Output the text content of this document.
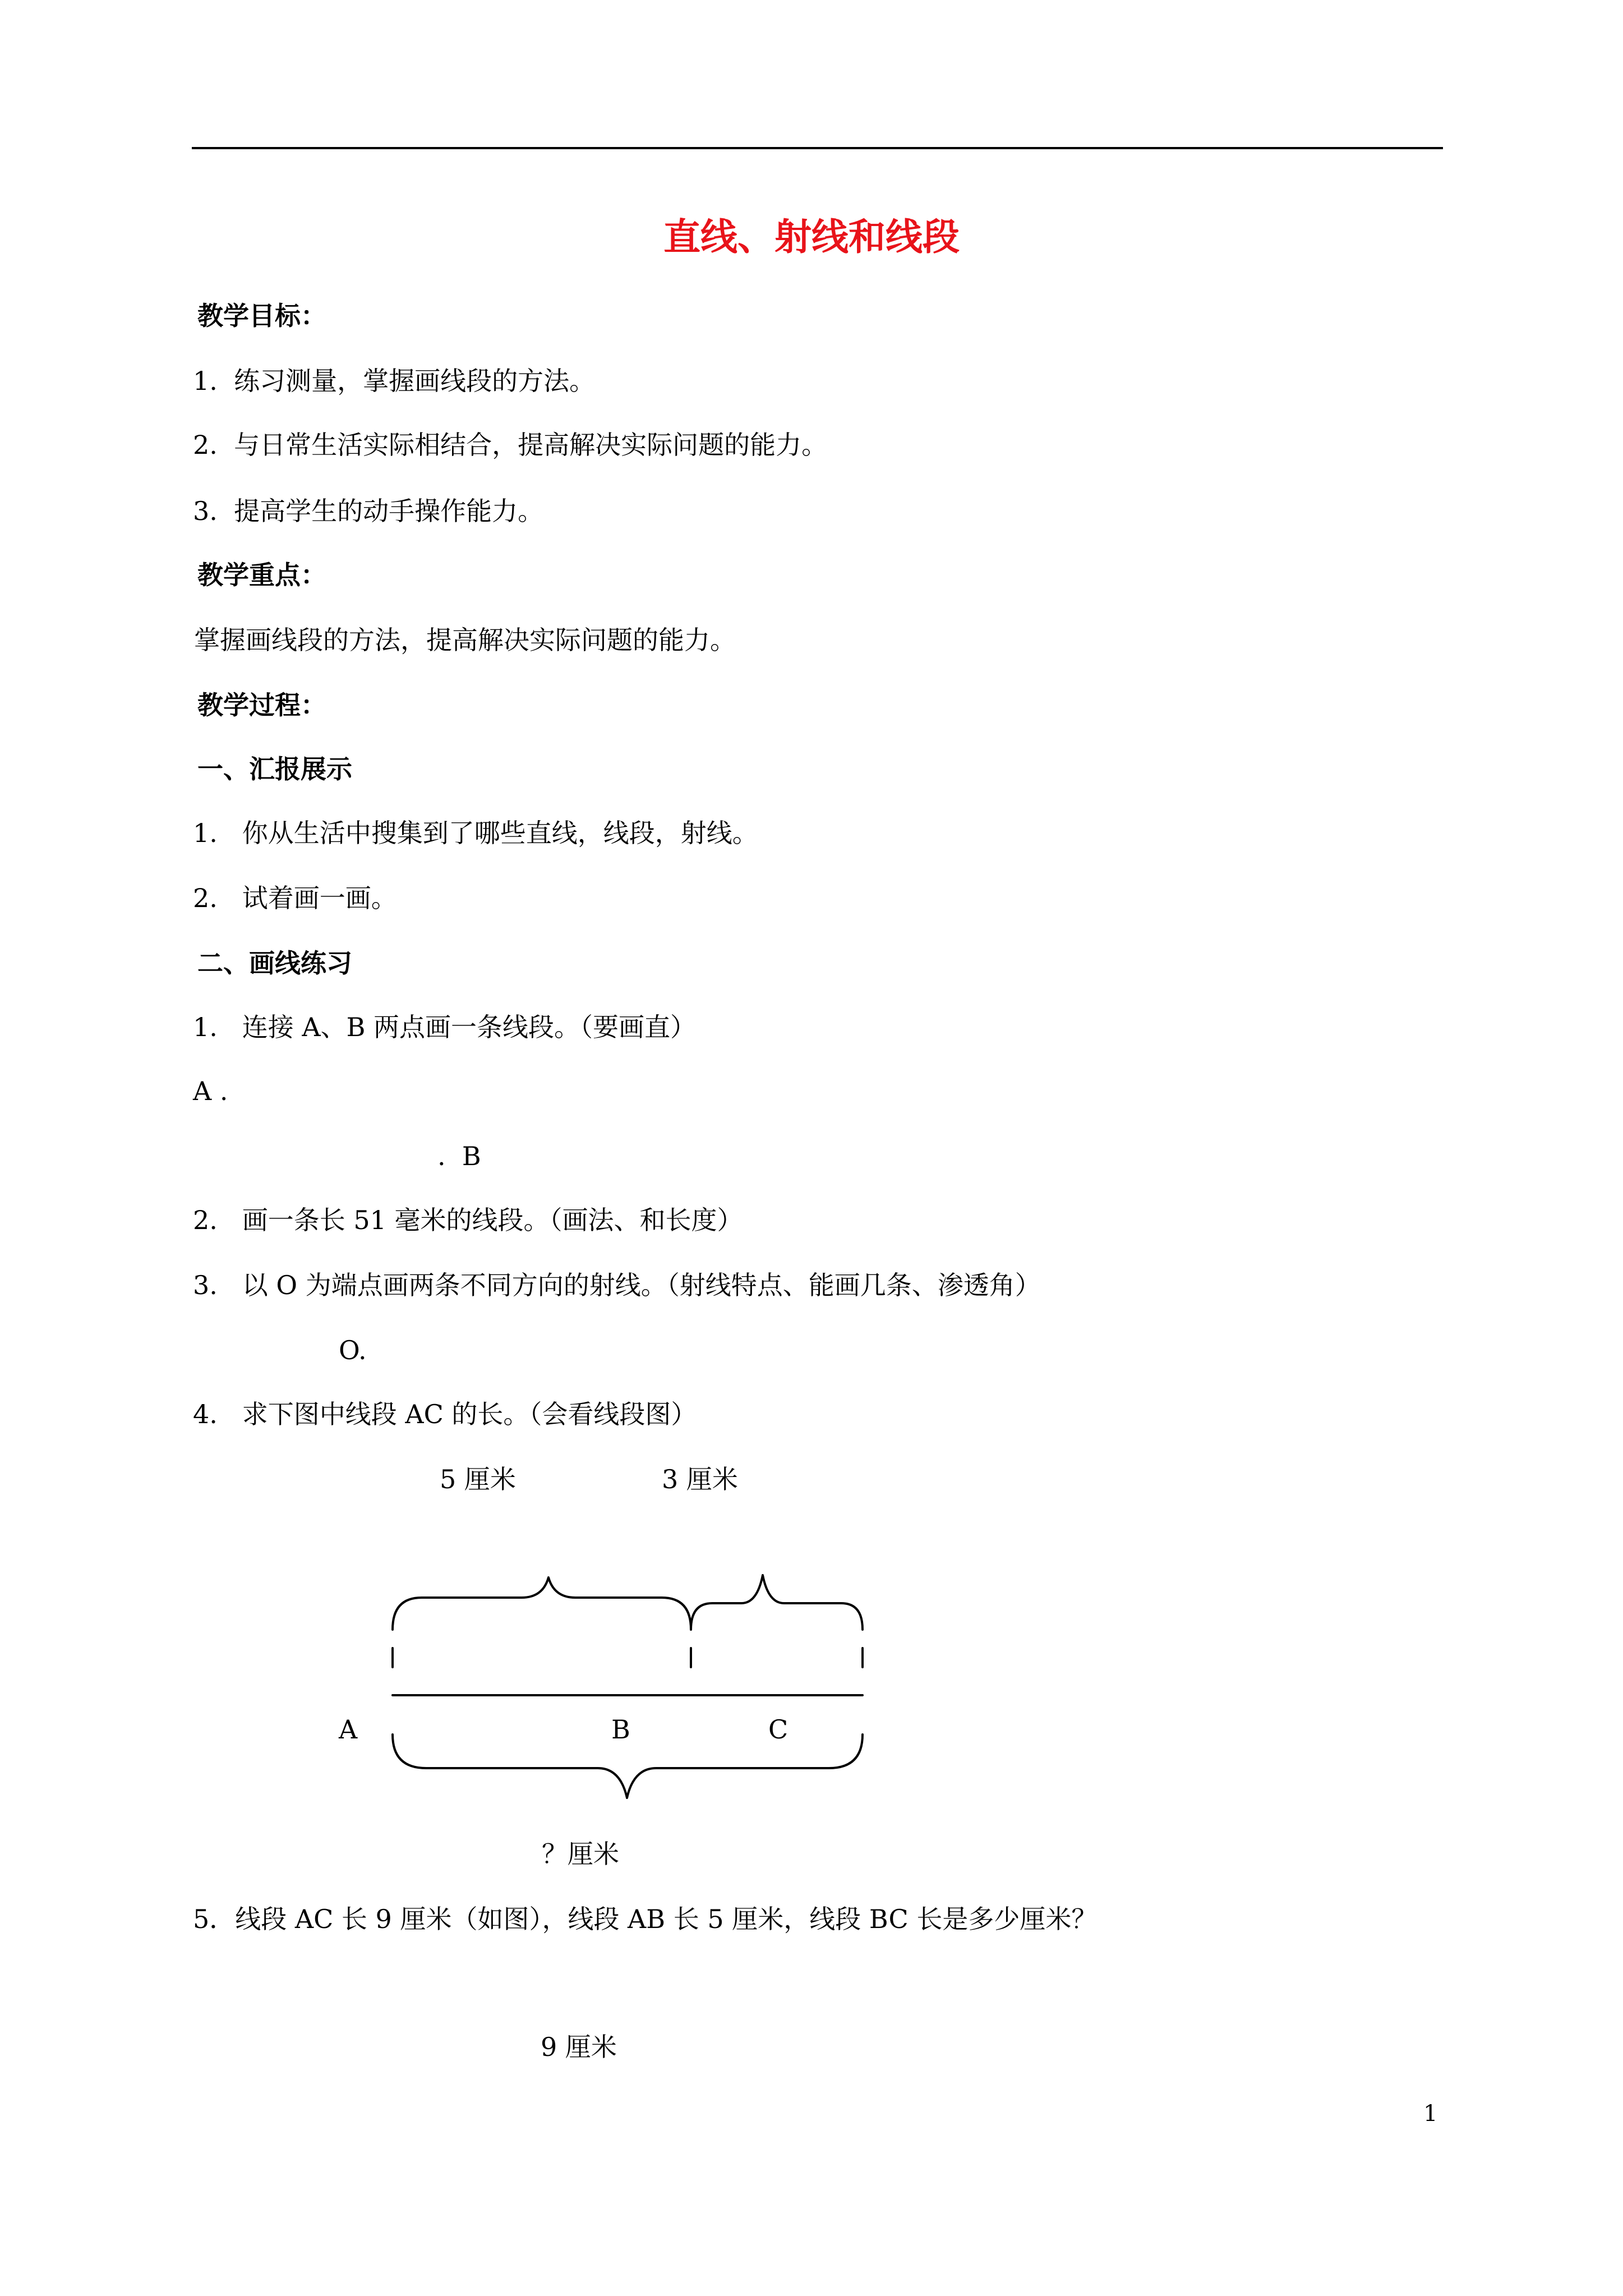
直线、射线和线段
教学目标：
1.  练习测量，掌握画线段的方法。
2.  与日常生活实际相结合，提高解决实际问题的能力。
3.  提高学生的动手操作能力。
教学重点：
掌握画线段的方法，提高解决实际问题的能力。
教学过程：
一、汇报展示
1.   你从生活中搜集到了哪些直线，线段，射线。
2.   试着画一画。
二、画线练习
1.   连接 A、B 两点画一条线段。（要画直）
A .
.  B
2.   画一条长 51 毫米的线段。（画法、和长度）
3.   以 O 为端点画两条不同方向的射线。（射线特点、能画几条、渗透角）
O.
4.   求下图中线段 AC 的长。（会看线段图）
5 厘米	3 厘米
A	B	C
？厘米
5．线段 AC 长 9 厘米（如图），线段 AB 长 5 厘米，线段 BC 长是多少厘米？
9 厘米
1
